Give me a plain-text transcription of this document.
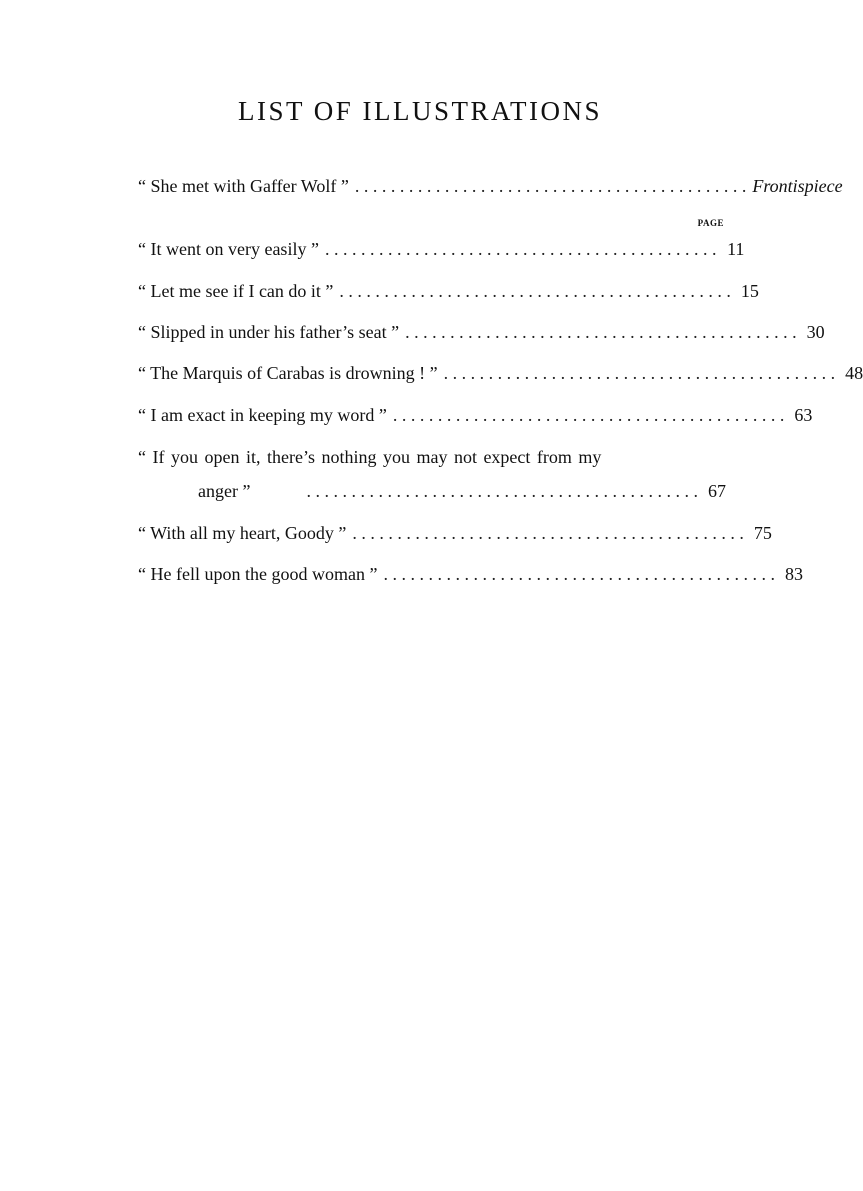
LIST OF ILLUSTRATIONS
“ She met with Gaffer Wolf ” . . . . . . . . . . . . . . . . . . . . . . . . . . . . . . . . . . . . . . . . . . . . Frontispiece
PAGE
“ It went on very easily ” . . . . . . . . . . . . . . . . . . . . . . . . . . . . . . . . . . . . . . . . . . . . 11
“ Let me see if I can do it ” . . . . . . . . . . . . . . . . . . . . . . . . . . . . . . . . . . . . . . . . . . . . 15
“ Slipped in under his father’s seat ” . . . . . . . . . . . . . . . . . . . . . . . . . . . . . . . . . . . . . . . . . . . . 30
“ The Marquis of Carabas is drowning ! ” . . . . . . . . . . . . . . . . . . . . . . . . . . . . . . . . . . . . . . . . . . . . 48
“ I am exact in keeping my word ” . . . . . . . . . . . . . . . . . . . . . . . . . . . . . . . . . . . . . . . . . . . . 63
“ If you open it, there’s nothing you may not expect from my
anger ”	. . . . . . . . . . . . . . . . . . . . . . . . . . . . . . . . . . . . . . . . . . . . 67
“ With all my heart, Goody ” . . . . . . . . . . . . . . . . . . . . . . . . . . . . . . . . . . . . . . . . . . . . 75
“ He fell upon the good woman ” . . . . . . . . . . . . . . . . . . . . . . . . . . . . . . . . . . . . . . . . . . . . 83
